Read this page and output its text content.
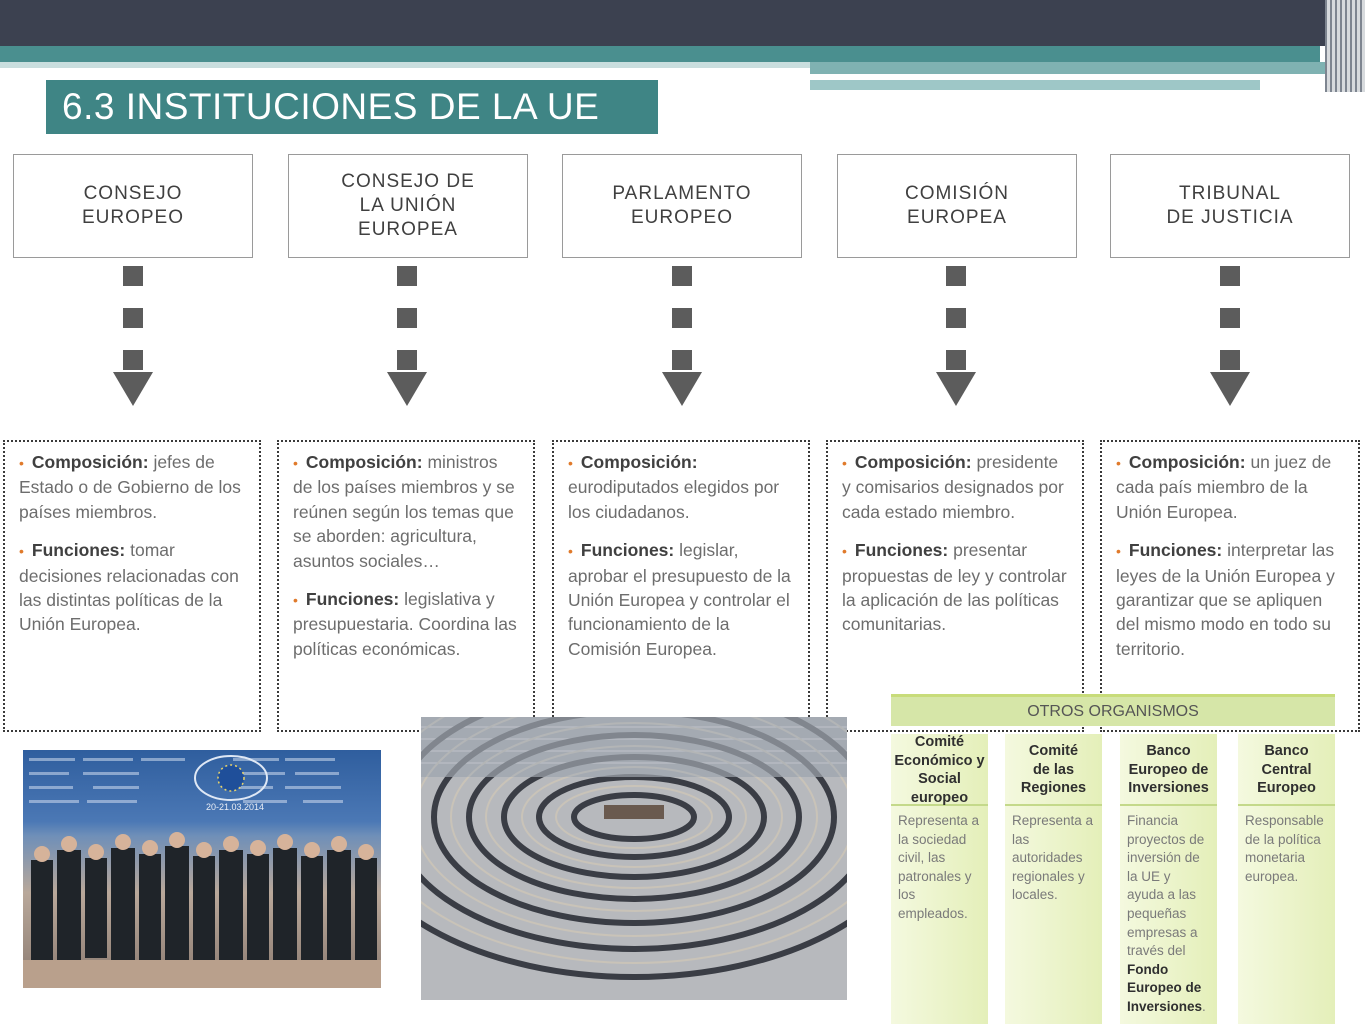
6.3 INSTITUCIONES DE LA UE
CONSEJO EUROPEO
CONSEJO DE LA UNIÓN EUROPEA
PARLAMENTO EUROPEO
COMISIÓN EUROPEA
TRIBUNAL DE JUSTICIA

• Composición: jefes de Estado o de Gobierno de los países miembros.

• Funciones: tomar decisiones relacionadas con las distintas políticas de la Unión Europea.

• Composición: ministros de los países miembros y se reúnen según los temas que se aborden: agricultura, asuntos sociales…

• Funciones: legislativa y presupuestaria. Coordina las políticas económicas.

• Composición: eurodiputados elegidos por los ciudadanos.

• Funciones: legislar, aprobar el presupuesto de la Unión Europea y controlar el funcionamiento de la Comisión Europea.

• Composición: presidente y comisarios designados por cada estado miembro.

• Funciones: presentar propuestas de ley y controlar la aplicación de las políticas comunitarias.

• Composición: un juez de cada país miembro de la Unión Europea.

• Funciones: interpretar las leyes de la Unión Europea y garantizar que se apliquen del mismo modo en todo su territorio.

20-21.03.2014
OTROS ORGANISMOS
Comité Económico y Social europeo
Representa a la sociedad civil, las patronales y los empleados.
Comité de las Regiones
Representa a las autoridades regionales y locales.
Banco Europeo de Inversiones
Financia proyectos de inversión de la UE y ayuda a las pequeñas empresas a través del Fondo Europeo de Inversiones.
Banco Central Europeo
Responsable de la política monetaria europea.
